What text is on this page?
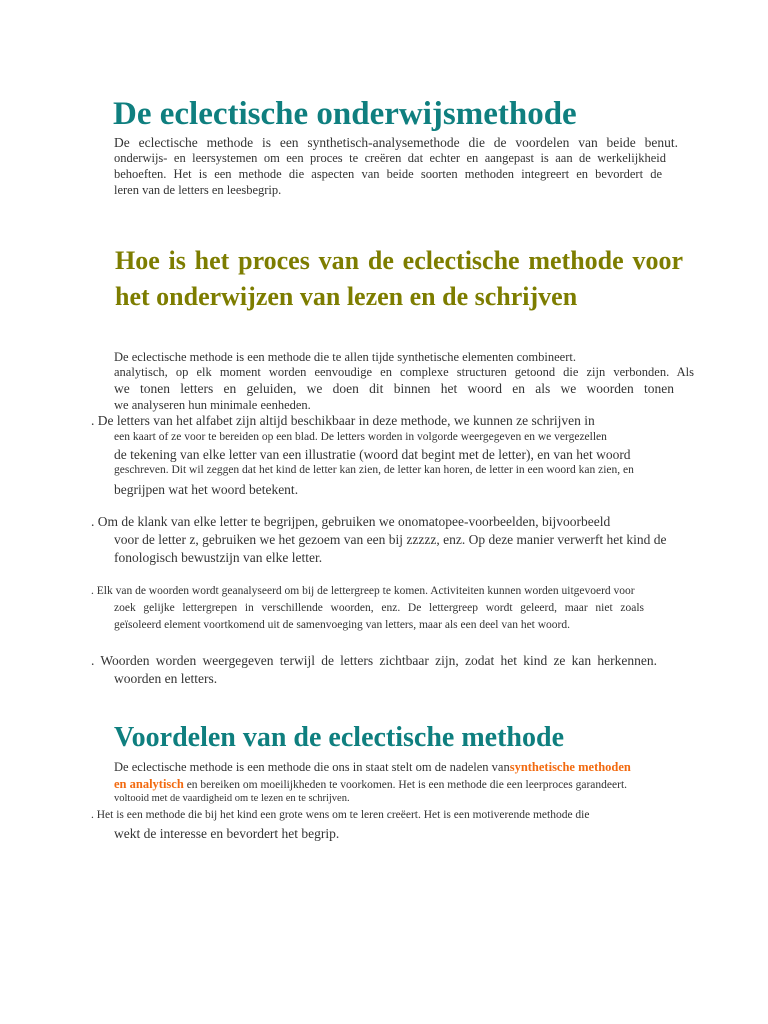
De eclectische onderwijsmethode

De eclectische methode is een synthetisch-analysemethode die de voordelen van beide benut.

onderwijs- en leersystemen om een proces te creëren dat echter en aangepast is aan de werkelijkheid

behoeften. Het is een methode die aspecten van beide soorten methoden integreert en bevordert de

leren van de letters en leesbegrip.

Hoe is het proces van de eclectische methode voor het onderwijzen van lezen en de schrijven

De eclectische methode is een methode die te allen tijde synthetische elementen combineert.

analytisch, op elk moment worden eenvoudige en complexe structuren getoond die zijn verbonden. Als

we tonen letters en geluiden, we doen dit binnen het woord en als we woorden tonen

we analyseren hun minimale eenheden.

. De letters van het alfabet zijn altijd beschikbaar in deze methode, we kunnen ze schrijven in

een kaart of ze voor te bereiden op een blad. De letters worden in volgorde weergegeven en we vergezellen

de tekening van elke letter van een illustratie (woord dat begint met de letter), en van het woord

geschreven. Dit wil zeggen dat het kind de letter kan zien, de letter kan horen, de letter in een woord kan zien, en

begrijpen wat het woord betekent.

. Om de klank van elke letter te begrijpen, gebruiken we onomatopee-voorbeelden, bijvoorbeeld

voor de letter z, gebruiken we het gezoem van een bij zzzzz, enz. Op deze manier verwerft het kind de

fonologisch bewustzijn van elke letter.

. Elk van de woorden wordt geanalyseerd om bij de lettergreep te komen. Activiteiten kunnen worden uitgevoerd voor

zoek gelijke lettergrepen in verschillende woorden, enz. De lettergreep wordt geleerd, maar niet zoals

geïsoleerd element voortkomend uit de samenvoeging van letters, maar als een deel van het woord.

. Woorden worden weergegeven terwijl de letters zichtbaar zijn, zodat het kind ze kan herkennen.

woorden en letters.

Voordelen van de eclectische methode

De eclectische methode is een methode die ons in staat stelt om de nadelen vansynthetische methoden

en analytisch en bereiken om moeilijkheden te voorkomen. Het is een methode die een leerproces garandeert.

voltooid met de vaardigheid om te lezen en te schrijven.

. Het is een methode die bij het kind een grote wens om te leren creëert. Het is een motiverende methode die

wekt de interesse en bevordert het begrip.
